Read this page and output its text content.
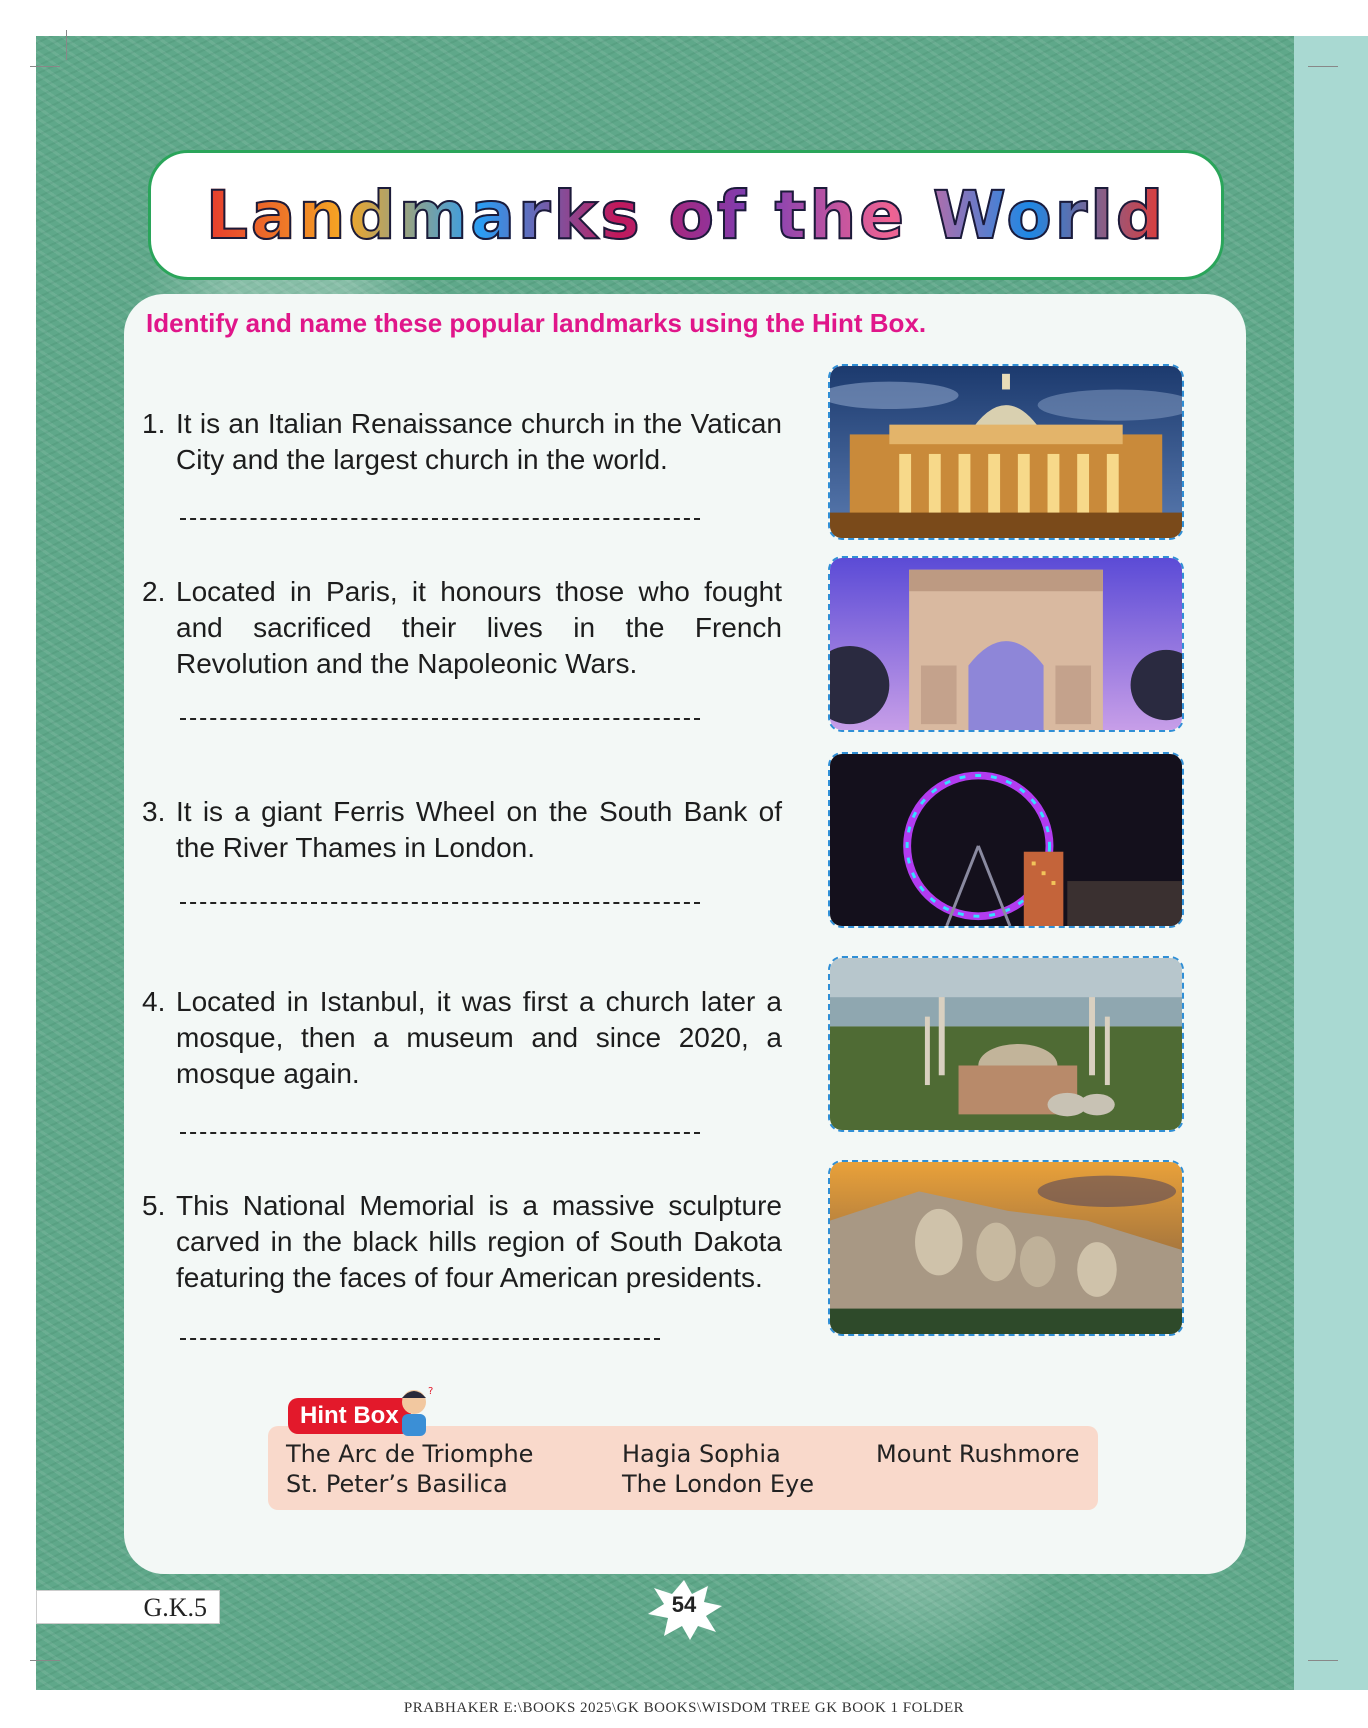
Landmarks of the World
Identify and name these popular landmarks using the Hint Box.
1. It is an Italian Renaissance church in the Vatican City and the largest church in the world.
2. Located in Paris, it honours those who fought and sacrificed their lives in the French Revolution and the Napoleonic Wars.
3. It is a giant Ferris Wheel on the South Bank of the River Thames in London.
4. Located in Istanbul, it was first a church later a mosque, then a museum and since 2020, a mosque again.
5. This National Memorial is a massive sculpture carved in the black hills region of South Dakota featuring the faces of four American presidents.
The Arc de Triomphe	Hagia Sophia	Mount Rushmore
St. Peter’s Basilica	The London Eye
Hint Box
?
G.K.5	54
PRABHAKER E:\BOOKS 2025\GK BOOKS\WISDOM TREE GK BOOK 1 FOLDER
